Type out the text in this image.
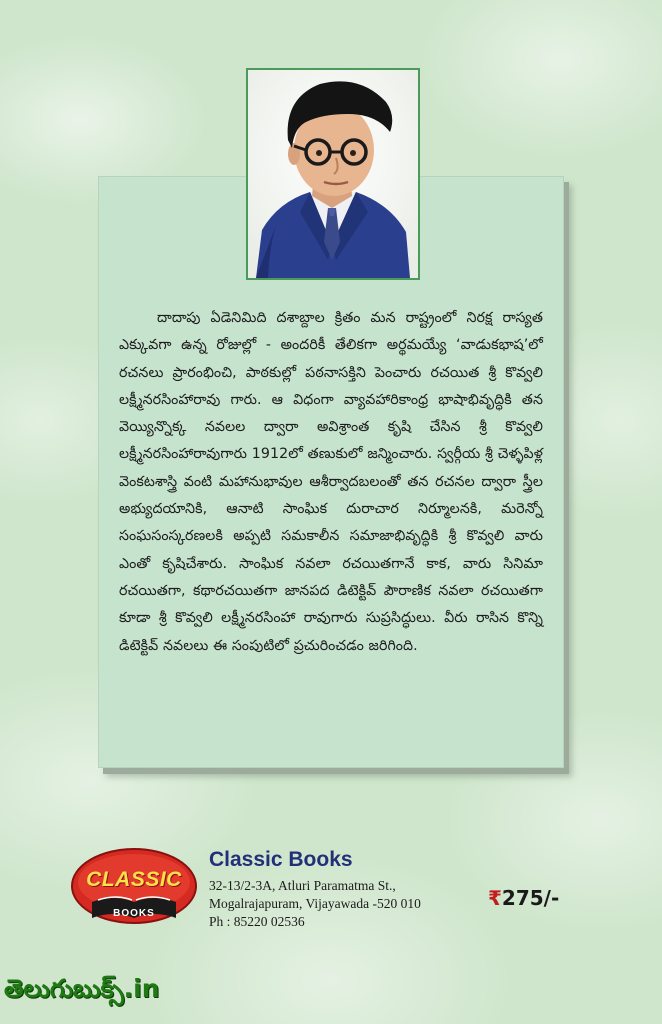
దాదాపు ఏడెనిమిది దశాబ్దాల క్రితం మన రాష్ట్రంలో నిరక్ష రాస్యత ఎక్కువగా ఉన్న రోజుల్లో - అందరికీ తేలికగా అర్థమయ్యే ‘వాడుకభాష’లో రచనలు ప్రారంభించి, పాఠకుల్లో పఠనాసక్తిని పెంచారు రచయిత శ్రీ కొవ్వలి లక్ష్మీనరసింహారావు గారు. ఆ విధంగా వ్యావహారికాంధ్ర భాషాభివృద్ధికి తన వెయ్యిన్నొక్క నవలల ద్వారా అవిశ్రాంత కృషి చేసిన శ్రీ కొవ్వలి లక్ష్మీనరసింహారావుగారు 1912లో తణుకులో జన్మించారు. స్వర్గీయ శ్రీ చెళ్ళపిళ్ల వెంకటశాస్త్రి వంటి మహానుభావుల ఆశీర్వాదబలంతో తన రచనల ద్వారా స్త్రీల అభ్యుదయానికి, ఆనాటి సాంఘిక దురాచార నిర్మూలనకి, మరెన్నో సంఘసంస్కరణలకి అప్పటి సమకాలీన సమాజాభివృద్ధికి శ్రీ కొవ్వలి వారు ఎంతో కృషిచేశారు. సాంఘిక నవలా రచయితగానే కాక, వారు సినిమా రచయితగా, కథారచయితగా జానపద డిటెక్టివ్ పౌరాణిక నవలా రచయితగా కూడా శ్రీ కొవ్వలి లక్ష్మీనరసింహా రావుగారు సుప్రసిద్ధులు. వీరు రాసిన కొన్ని డిటెక్టివ్ నవలలు ఈ సంపుటిలో ప్రచురించడం జరిగింది.

CLASSIC
BOOKS
Classic Books
32-13/2-3A, Atluri Paramatma St.,
Mogalrajapuram, Vijayawada -520 010
Ph : 85220 02536
₹275/-
తెలుగుబుక్స్.in
